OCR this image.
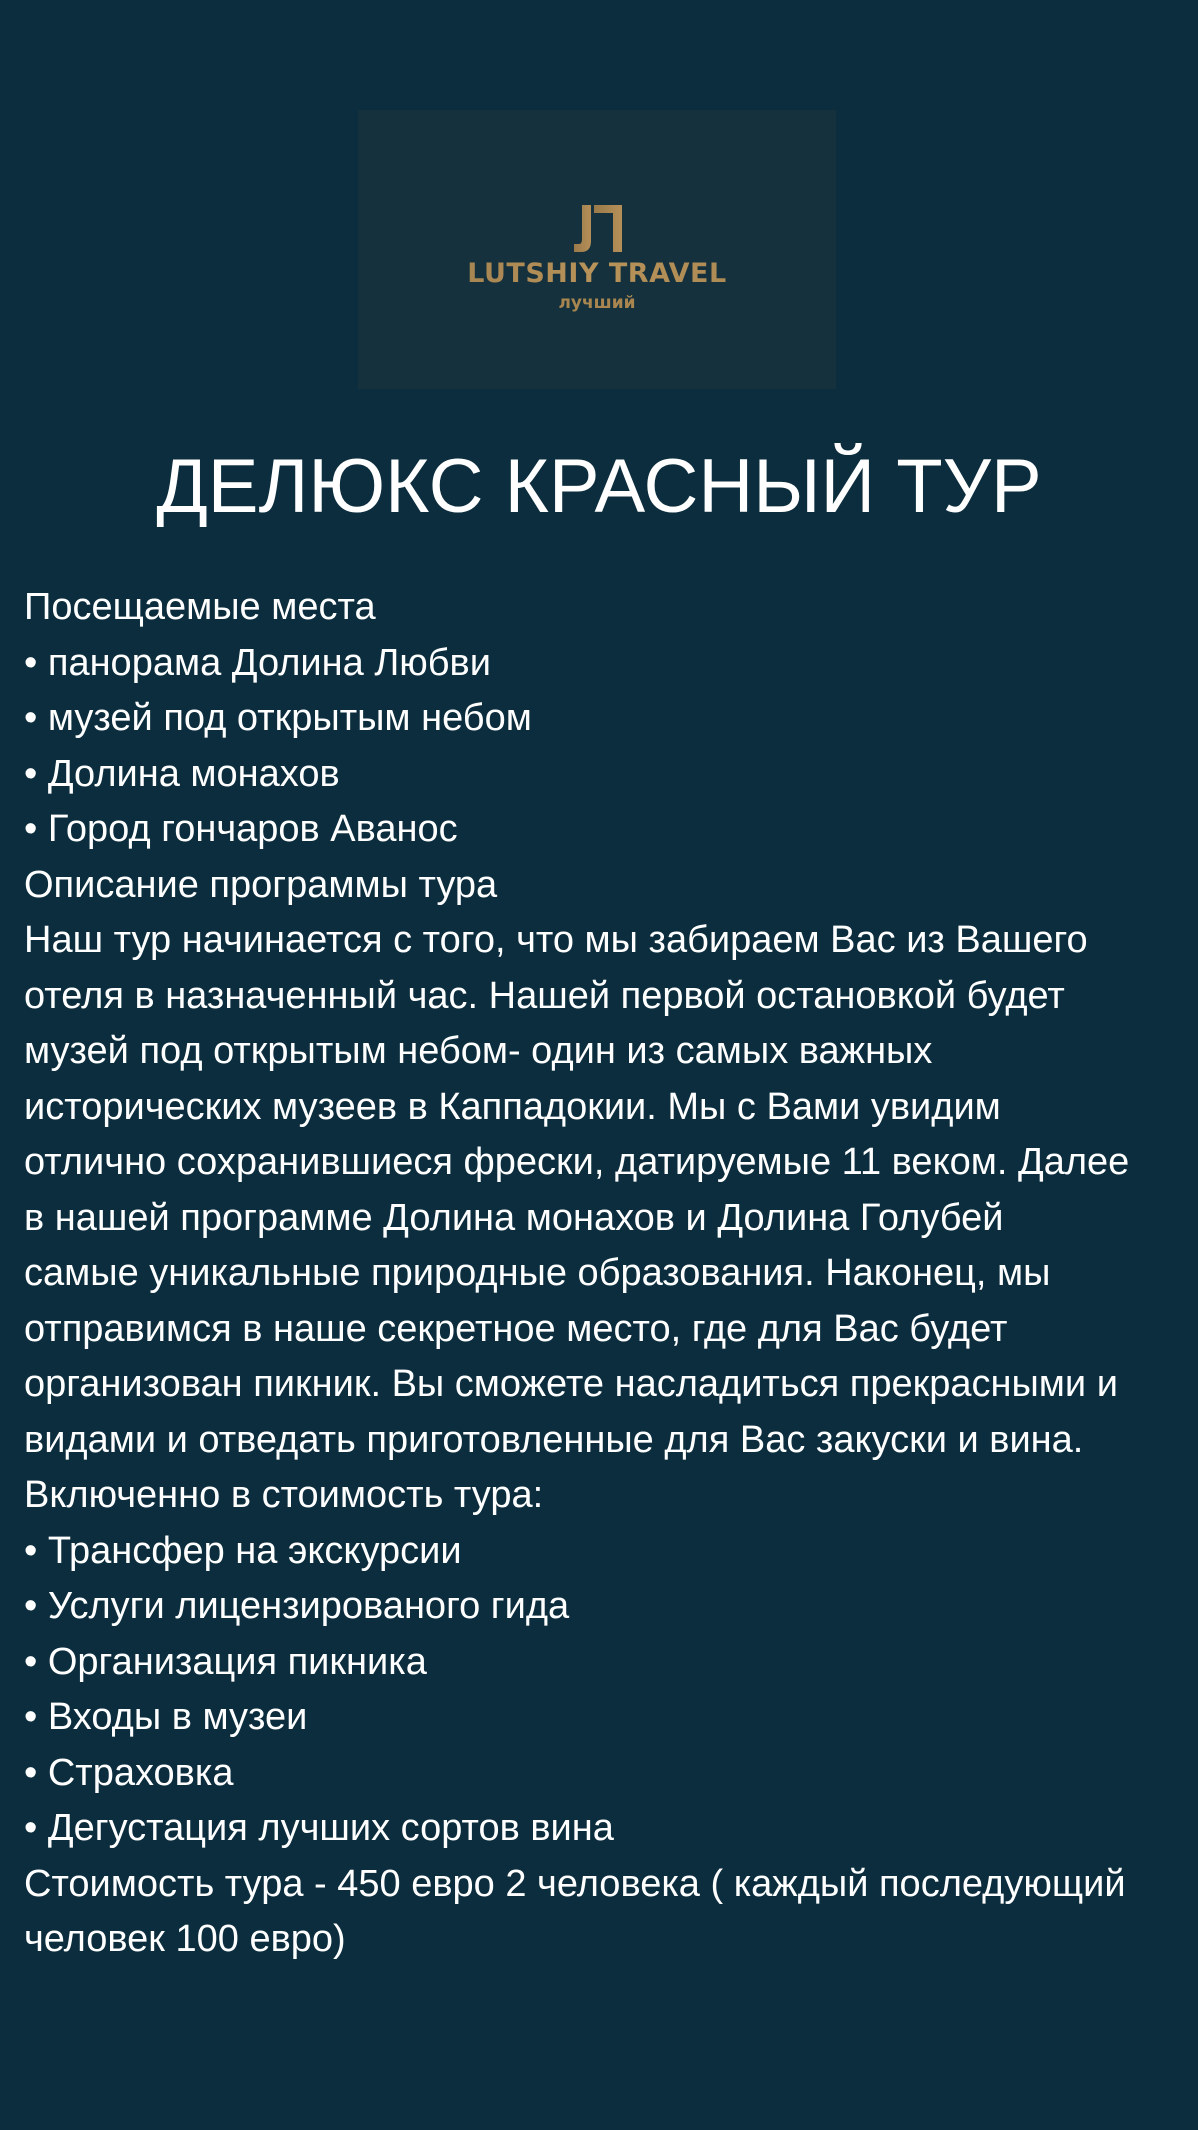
LUTSHIY TRAVEL
лучший
ДЕЛЮКС КРАСНЫЙ ТУР
Посещаемые места
• панорама Долина Любви
• музей под открытым небом
• Долина монахов
• Город гончаров Аванос
Описание программы тура
Наш тур начинается с того, что мы забираем Вас из Вашего
отеля в назначенный час. Нашей первой остановкой будет
музей под открытым небом- один из самых важных
исторических музеев в Каппадокии. Мы с Вами увидим
отлично сохранившиеся фрески, датируемые 11 веком. Далее
в нашей программе Долина монахов и Долина Голубей
самые уникальные природные образования. Наконец, мы
отправимся в наше секретное место, где для Вас будет
организован пикник. Вы сможете насладиться прекрасными и
видами и отведать приготовленные для Вас закуски и вина.
Включенно в стоимость тура:
• Трансфер на экскурсии
• Услуги лицензированого гида
• Организация пикника
• Входы в музеи
• Страховка
• Дегустация лучших сортов вина
Стоимость тура - 450 евро 2 человека ( каждый последующий
человек 100 евро)
